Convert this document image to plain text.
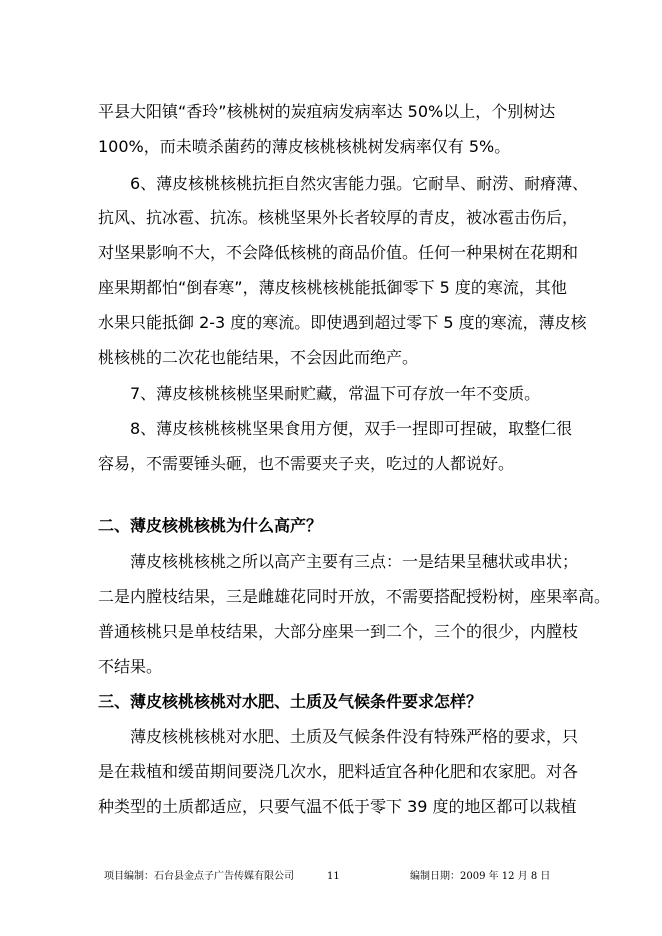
平县大阳镇“香玲”核桃树的炭疽病发病率达 50%以上，个别树达
100%，而未喷杀菌药的薄皮核桃核桃树发病率仅有 5%。
6、薄皮核桃核桃抗拒自然灾害能力强。它耐旱、耐涝、耐瘠薄、
抗风、抗冰雹、抗冻。核桃坚果外长者较厚的青皮，被冰雹击伤后，
对坚果影响不大，不会降低核桃的商品价值。任何一种果树在花期和
座果期都怕“倒春寒”，薄皮核桃核桃能抵御零下 5 度的寒流，其他
水果只能抵御 2-3 度的寒流。即使遇到超过零下 5 度的寒流，薄皮核
桃核桃的二次花也能结果，不会因此而绝产。
7、薄皮核桃核桃坚果耐贮藏，常温下可存放一年不变质。
8、薄皮核桃核桃坚果食用方便，双手一捏即可捏破，取整仁很
容易，不需要锤头砸，也不需要夹子夹，吃过的人都说好。
二、薄皮核桃核桃为什么高产？
薄皮核桃核桃之所以高产主要有三点：一是结果呈穗状或串状；
二是内膛枝结果，三是雌雄花同时开放，不需要搭配授粉树，座果率高。
普通核桃只是单枝结果，大部分座果一到二个，三个的很少，内膛枝
不结果。
三、薄皮核桃核桃对水肥、土质及气候条件要求怎样？
薄皮核桃核桃对水肥、土质及气候条件没有特殊严格的要求，只
是在栽植和缓苗期间要浇几次水，肥料适宜各种化肥和农家肥。对各
种类型的土质都适应，只要气温不低于零下 39 度的地区都可以栽植
项目编制：石台县金点子广告传媒有限公司	11	编制日期：2009 年 12 月 8 日
